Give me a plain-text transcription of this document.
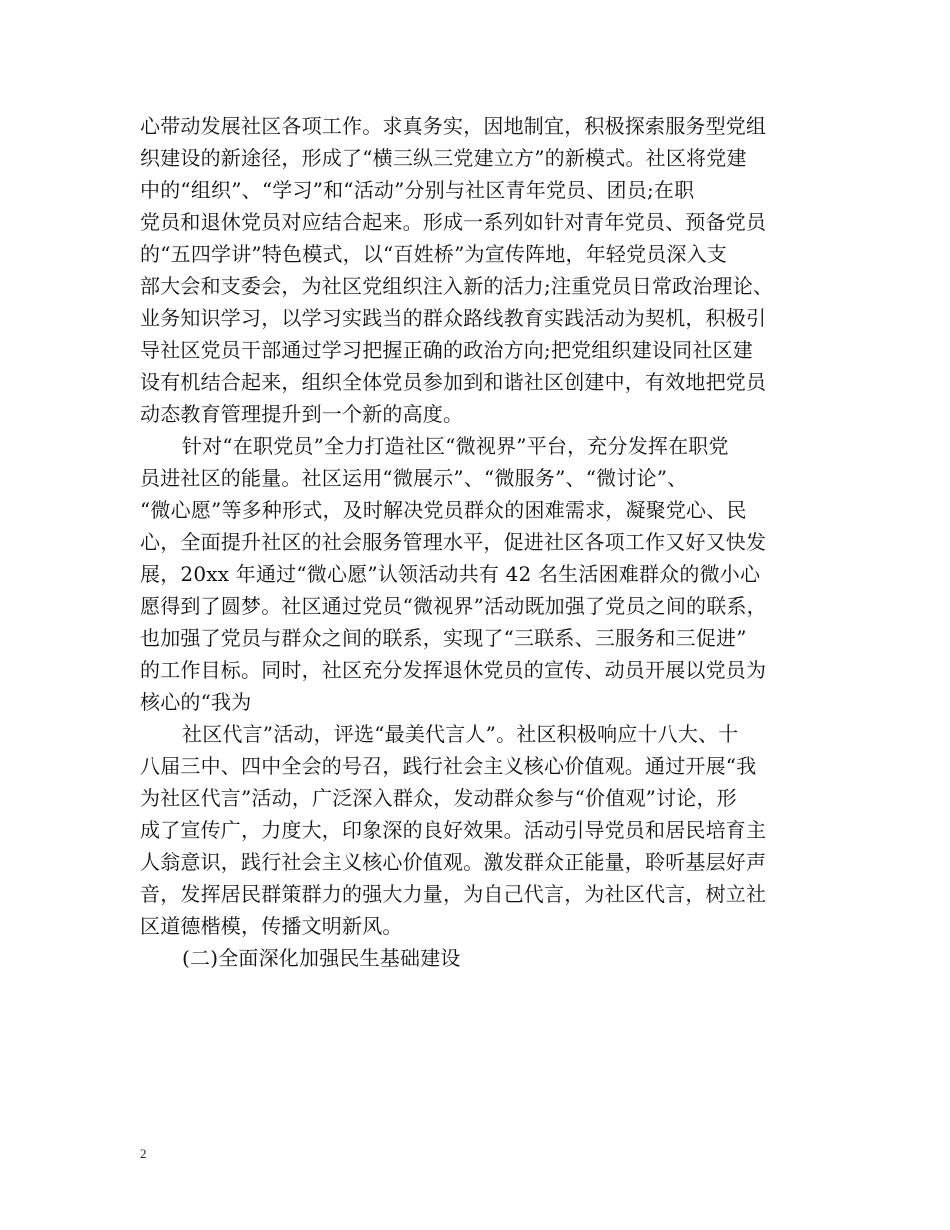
心带动发展社区各项工作。求真务实，因地制宜，积极探索服务型党组
织建设的新途径，形成了“横三纵三党建立方”的新模式。社区将党建
中的“组织”、“学习”和“活动”分别与社区青年党员、团员;在职
党员和退休党员对应结合起来。形成一系列如针对青年党员、预备党员
的“五四学讲”特色模式，以“百姓桥”为宣传阵地，年轻党员深入支
部大会和支委会，为社区党组织注入新的活力;注重党员日常政治理论、
业务知识学习，以学习实践当的群众路线教育实践活动为契机，积极引
导社区党员干部通过学习把握正确的政治方向;把党组织建设同社区建
设有机结合起来，组织全体党员参加到和谐社区创建中，有效地把党员
动态教育管理提升到一个新的高度。
针对“在职党员”全力打造社区“微视界”平台，充分发挥在职党
员进社区的能量。社区运用“微展示”、“微服务”、“微讨论”、
“微心愿”等多种形式，及时解决党员群众的困难需求，凝聚党心、民
心，全面提升社区的社会服务管理水平，促进社区各项工作又好又快发
展，20xx 年通过“微心愿”认领活动共有 42 名生活困难群众的微小心
愿得到了圆梦。社区通过党员“微视界”活动既加强了党员之间的联系，
也加强了党员与群众之间的联系，实现了“三联系、三服务和三促进”
的工作目标。同时，社区充分发挥退休党员的宣传、动员开展以党员为
核心的“我为
社区代言”活动，评选“最美代言人”。社区积极响应十八大、十
八届三中、四中全会的号召，践行社会主义核心价值观。通过开展“我
为社区代言”活动，广泛深入群众，发动群众参与“价值观”讨论，形
成了宣传广，力度大，印象深的良好效果。活动引导党员和居民培育主
人翁意识，践行社会主义核心价值观。激发群众正能量，聆听基层好声
音，发挥居民群策群力的强大力量，为自己代言，为社区代言，树立社
区道德楷模，传播文明新风。
(二)全面深化加强民生基础建设
2
